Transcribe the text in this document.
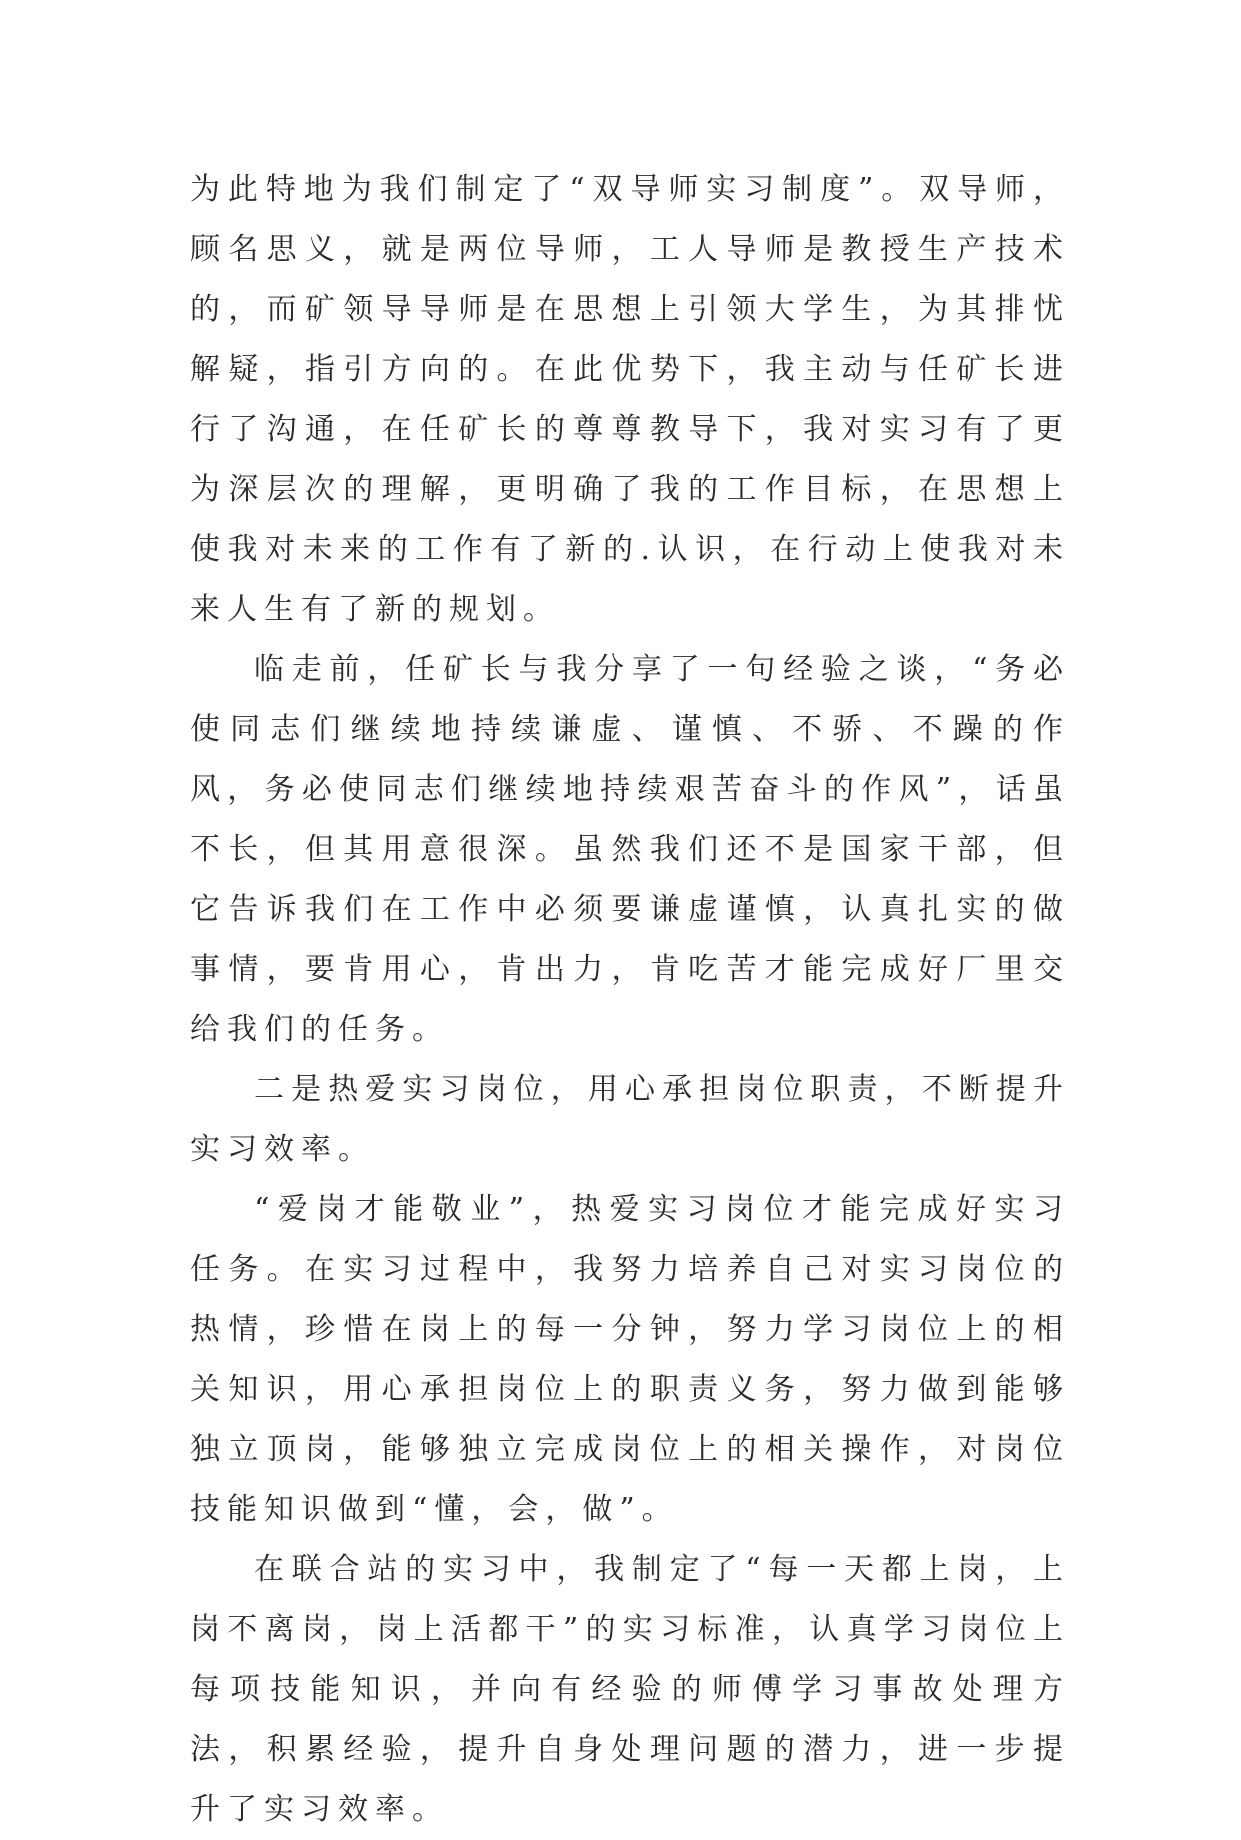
为此特地为我们制定了“双导师实习制度”。双导师，顾名思义，就是两位导师，工人导师是教授生产技术的，而矿领导导师是在思想上引领大学生，为其排忧解疑，指引方向的。在此优势下，我主动与任矿长进行了沟通，在任矿长的尊尊教导下，我对实习有了更为深层次的理解，更明确了我的工作目标，在思想上使我对未来的工作有了新的.认识，在行动上使我对未来人生有了新的规划。

临走前，任矿长与我分享了一句经验之谈，“务必使同志们继续地持续谦虚、谨慎、不骄、不躁的作风，务必使同志们继续地持续艰苦奋斗的作风”，话虽不长，但其用意很深。虽然我们还不是国家干部，但它告诉我们在工作中必须要谦虚谨慎，认真扎实的做事情，要肯用心，肯出力，肯吃苦才能完成好厂里交给我们的任务。

二是热爱实习岗位，用心承担岗位职责，不断提升实习效率。

“爱岗才能敬业”，热爱实习岗位才能完成好实习任务。在实习过程中，我努力培养自己对实习岗位的热情，珍惜在岗上的每一分钟，努力学习岗位上的相关知识，用心承担岗位上的职责义务，努力做到能够独立顶岗，能够独立完成岗位上的相关操作，对岗位技能知识做到“懂，会，做”。

在联合站的实习中，我制定了“每一天都上岗，上岗不离岗，岗上活都干”的实习标准，认真学习岗位上每项技能知识，并向有经验的师傅学习事故处理方法，积累经验，提升自身处理问题的潜力，进一步提升了实习效率。
